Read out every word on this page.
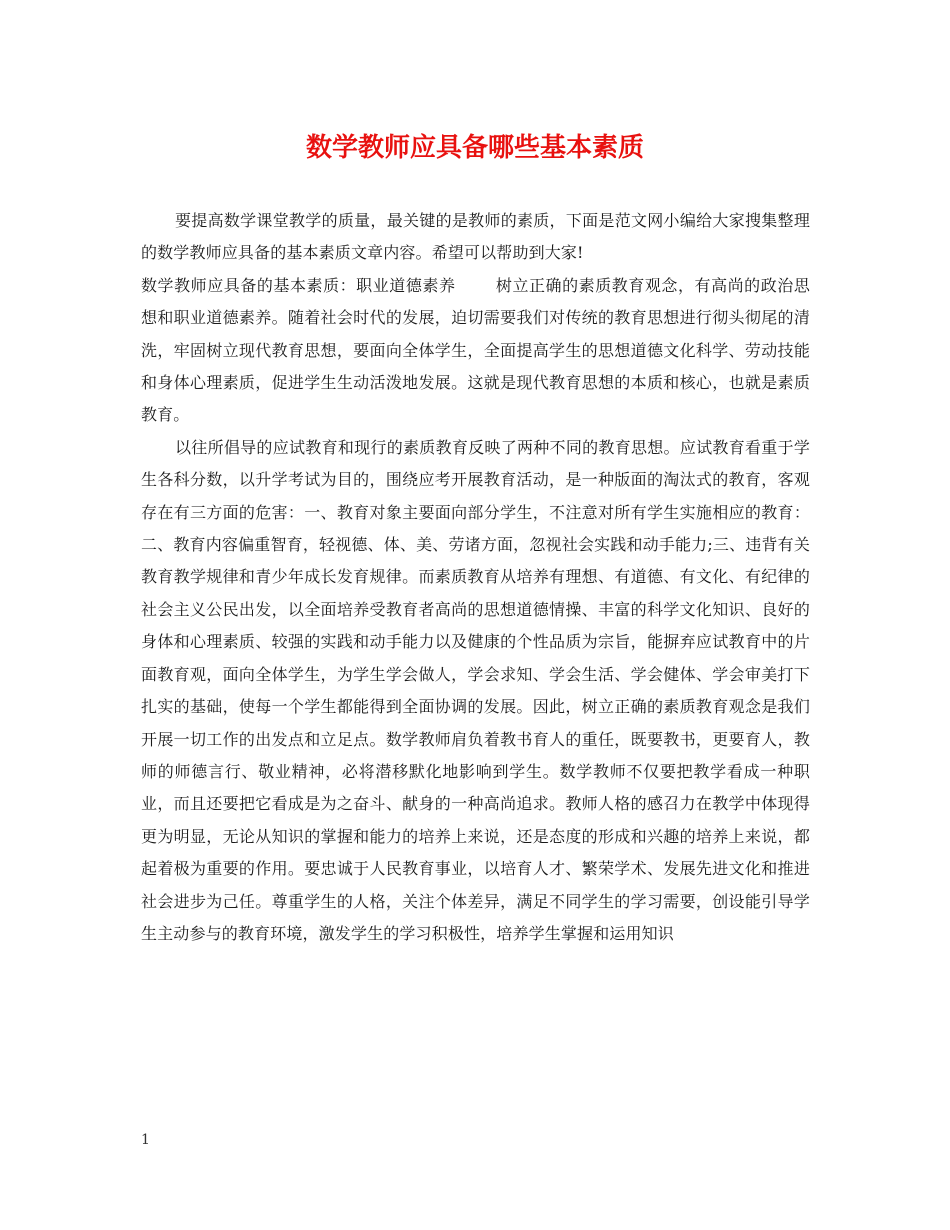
数学教师应具备哪些基本素质

要提高数学课堂教学的质量，最关键的是教师的素质，下面是范文网小编给大家搜集整理的数学教师应具备的基本素质文章内容。希望可以帮助到大家!

数学教师应具备的基本素质：职业道德素养	树立正确的素质教育观念，有高尚的政治思想和职业道德素养。随着社会时代的发展，迫切需要我们对传统的教育思想进行彻头彻尾的清洗，牢固树立现代教育思想，要面向全体学生，全面提高学生的思想道德文化科学、劳动技能和身体心理素质，促进学生生动活泼地发展。这就是现代教育思想的本质和核心，也就是素质教育。

以往所倡导的应试教育和现行的素质教育反映了两种不同的教育思想。应试教育看重于学生各科分数，以升学考试为目的，围绕应考开展教育活动，是一种版面的淘汰式的教育，客观存在有三方面的危害：一、教育对象主要面向部分学生，不注意对所有学生实施相应的教育：二、教育内容偏重智育，轻视德、体、美、劳诸方面，忽视社会实践和动手能力;三、违背有关教育教学规律和青少年成长发育规律。而素质教育从培养有理想、有道德、有文化、有纪律的社会主义公民出发，以全面培养受教育者高尚的思想道德情操、丰富的科学文化知识、良好的身体和心理素质、较强的实践和动手能力以及健康的个性品质为宗旨，能摒弃应试教育中的片面教育观，面向全体学生，为学生学会做人，学会求知、学会生活、学会健体、学会审美打下扎实的基础，使每一个学生都能得到全面协调的发展。因此，树立正确的素质教育观念是我们开展一切工作的出发点和立足点。数学教师肩负着教书育人的重任，既要教书，更要育人，教师的师德言行、敬业精神，必将潜移默化地影响到学生。数学教师不仅要把教学看成一种职业，而且还要把它看成是为之奋斗、献身的一种高尚追求。教师人格的感召力在教学中体现得更为明显，无论从知识的掌握和能力的培养上来说，还是态度的形成和兴趣的培养上来说，都起着极为重要的作用。要忠诚于人民教育事业，以培育人才、繁荣学术、发展先进文化和推进社会进步为己任。尊重学生的人格，关注个体差异，满足不同学生的学习需要，创设能引导学生主动参与的教育环境，激发学生的学习积极性，培养学生掌握和运用知识

1
